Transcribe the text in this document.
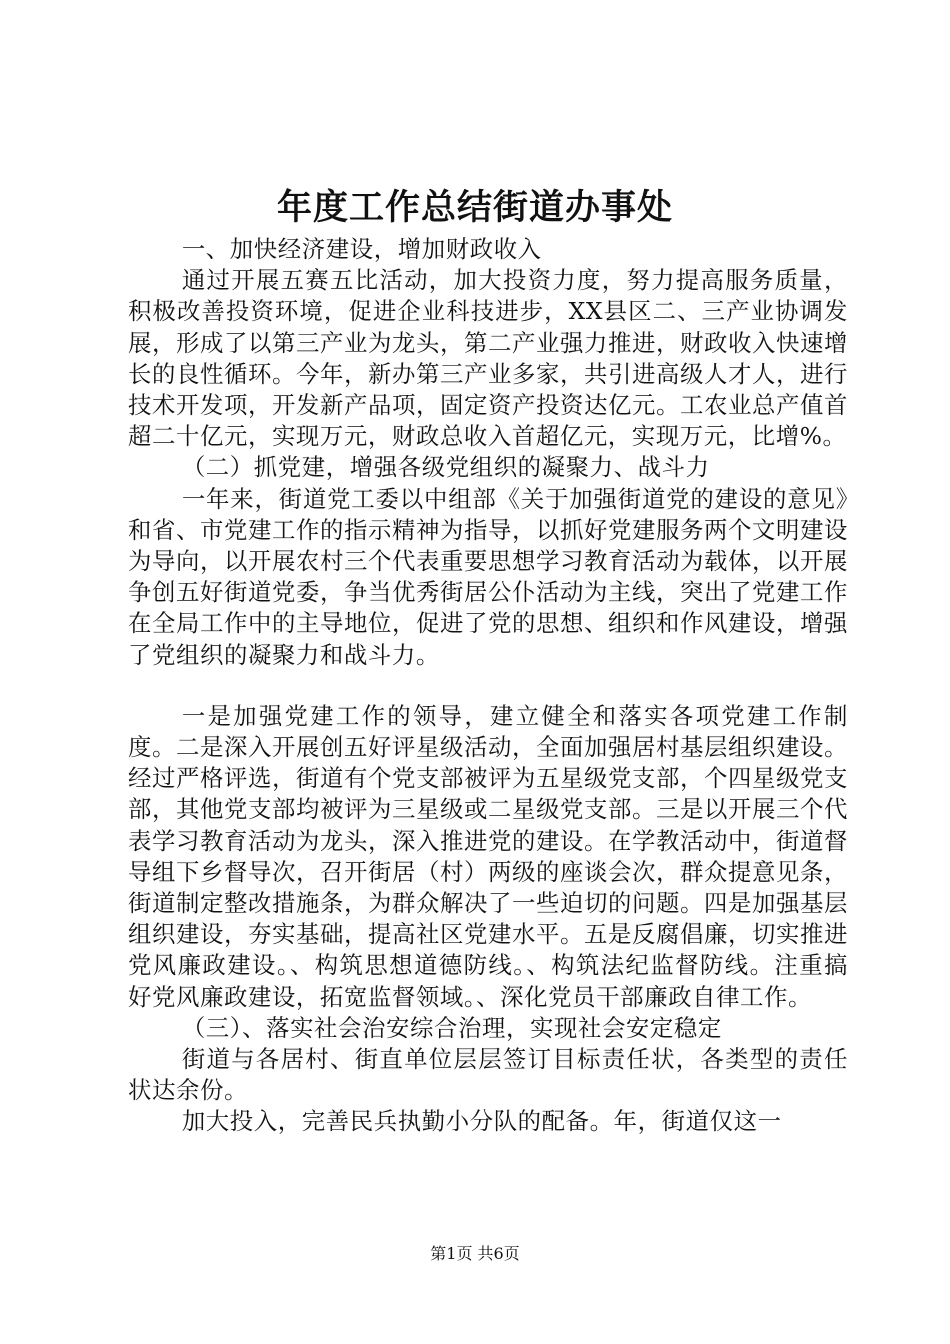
年度工作总结街道办事处

一、加快经济建设，增加财政收入

通过开展五赛五比活动，加大投资力度，努力提高服务质量，积极改善投资环境，促进企业科技进步，XX县区二、三产业协调发展，形成了以第三产业为龙头，第二产业强力推进，财政收入快速增长的良性循环。今年，新办第三产业多家，共引进高级人才人，进行技术开发项，开发新产品项，固定资产投资达亿元。工农业总产值首超二十亿元，实现万元，财政总收入首超亿元，实现万元，比增%。

（二）抓党建，增强各级党组织的凝聚力、战斗力

一年来，街道党工委以中组部《关于加强街道党的建设的意见》和省、市党建工作的指示精神为指导，以抓好党建服务两个文明建设为导向，以开展农村三个代表重要思想学习教育活动为载体，以开展争创五好街道党委，争当优秀街居公仆活动为主线，突出了党建工作在全局工作中的主导地位，促进了党的思想、组织和作风建设，增强了党组织的凝聚力和战斗力。

一是加强党建工作的领导，建立健全和落实各项党建工作制度。二是深入开展创五好评星级活动，全面加强居村基层组织建设。经过严格评选，街道有个党支部被评为五星级党支部，个四星级党支部，其他党支部均被评为三星级或二星级党支部。三是以开展三个代表学习教育活动为龙头，深入推进党的建设。在学教活动中，街道督导组下乡督导次，召开街居（村）两级的座谈会次，群众提意见条，街道制定整改措施条，为群众解决了一些迫切的问题。四是加强基层组织建设，夯实基础，提高社区党建水平。五是反腐倡廉，切实推进党风廉政建设。、构筑思想道德防线。、构筑法纪监督防线。注重搞好党风廉政建设，拓宽监督领域。、深化党员干部廉政自律工作。

（三）、落实社会治安综合治理，实现社会安定稳定

街道与各居村、街直单位层层签订目标责任状，各类型的责任状达余份。

加大投入，完善民兵执勤小分队的配备。年，街道仅这一

第1页 共6页
